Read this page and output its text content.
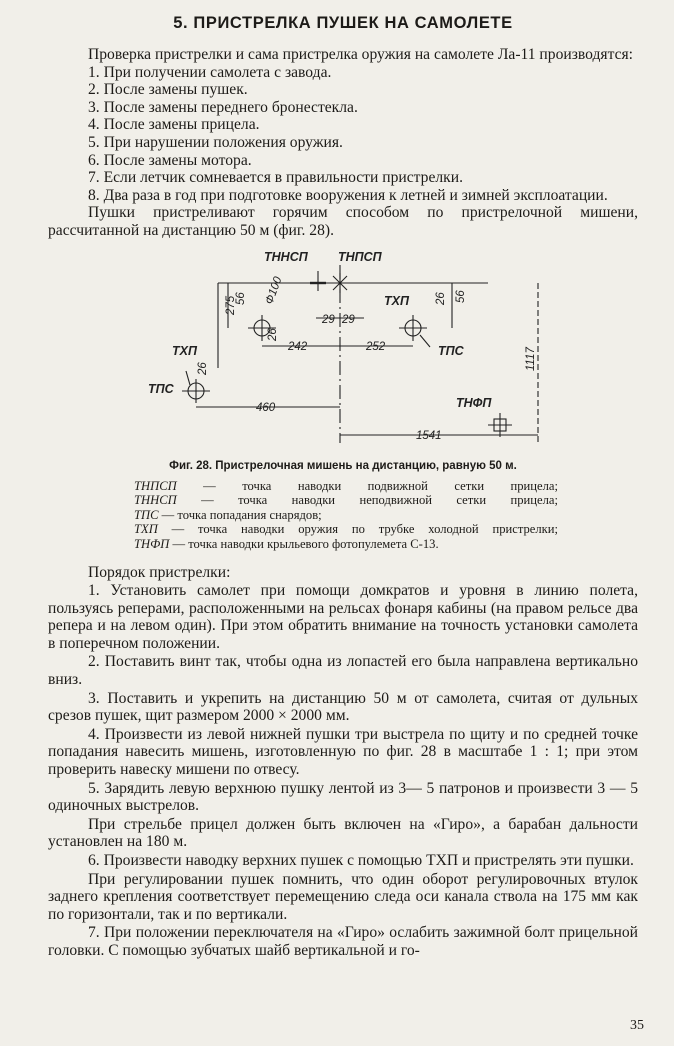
5. ПРИСТРЕЛКА ПУШЕК НА САМОЛЕТЕ

Проверка пристрелки и сама пристрелка оружия на самолете Ла-11 производятся:

1. При получении самолета с завода.
2. После замены пушек.
3. После замены переднего бронестекла.
4. После замены прицела.
5. При нарушении положения оружия.
6. После замены мотора.
7. Если летчик сомневается в правильности пристрелки.
8. Два раза в год при подготовке вооружения к летней и зимней эксплоатации.

Пушки пристреливают горячим способом по пристрелочной мишени, рассчитанной на дистанцию 50 м (фиг. 28).

ТННСП ТНПСП
ТХП
ТПС
ТХП
ТПС
ТНФП
Ф100
56
26
275
29 29
242	252
26 56
1117
26
460
1541
Фиг. 28. Пристрелочная мишень на дистанцию, равную 50 м.
ТНПСП — точка наводки подвижной сетки прицела;
ТННСП — точка наводки неподвижной сетки прицела;
ТПС — точка попадания снарядов;
ТХП — точка наводки оружия по трубке холодной пристрелки;
ТНФП — точка наводки крыльевого фотопулемета С-13.

Порядок пристрелки:

1. Установить самолет при помощи домкратов и уровня в линию полета, пользуясь реперами, расположенными на рельсах фонаря кабины (на правом рельсе два репера и на левом один). При этом обратить внимание на точность установки самолета в поперечном положении.

2. Поставить винт так, чтобы одна из лопастей его была направлена вертикально вниз.

3. Поставить и укрепить на дистанцию 50 м от самолета, считая от дульных срезов пушек, щит размером 2000 × 2000 мм.

4. Произвести из левой нижней пушки три выстрела по щиту и по средней точке попадания навесить мишень, изготовленную по фиг. 28 в масштабе 1 : 1; при этом проверить навеску мишени по отвесу.

5. Зарядить левую верхнюю пушку лентой из 3— 5 патронов и произвести 3 — 5 одиночных выстрелов.

При стрельбе прицел должен быть включен на «Гиро», а барабан дальности установлен на 180 м.

6. Произвести наводку верхних пушек с помощью ТХП и пристрелять эти пушки.

При регулировании пушек помнить, что один оборот регулировочных втулок заднего крепления соответствует перемещению следа оси канала ствола на 175 мм как по горизонтали, так и по вертикали.

7. При положении переключателя на «Гиро» ослабить зажимной болт прицельной головки. С помощью зубчатых шайб вертикальной и го-

35
